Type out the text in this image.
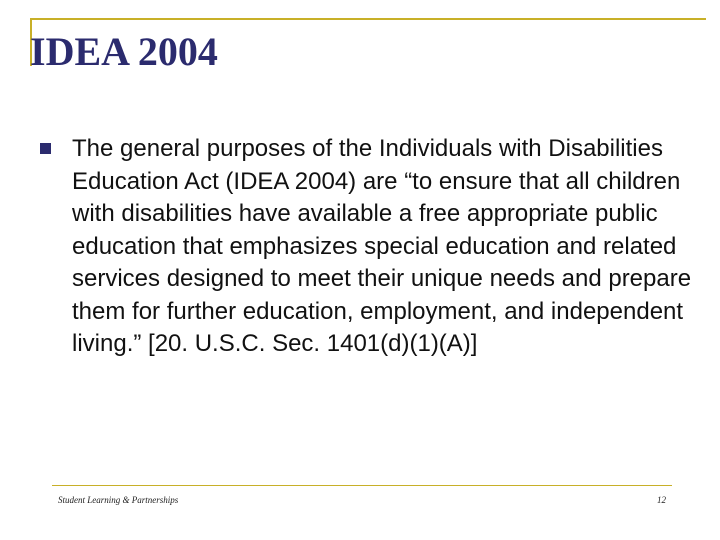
IDEA 2004
The general purposes of the Individuals with Disabilities Education Act (IDEA 2004) are “to ensure that all children with disabilities have available a free appropriate public education that emphasizes special education and related services designed to meet their unique needs and prepare them for further education, employment, and independent living.” [20. U.S.C. Sec. 1401(d)(1)(A)]
Student Learning & Partnerships	12
